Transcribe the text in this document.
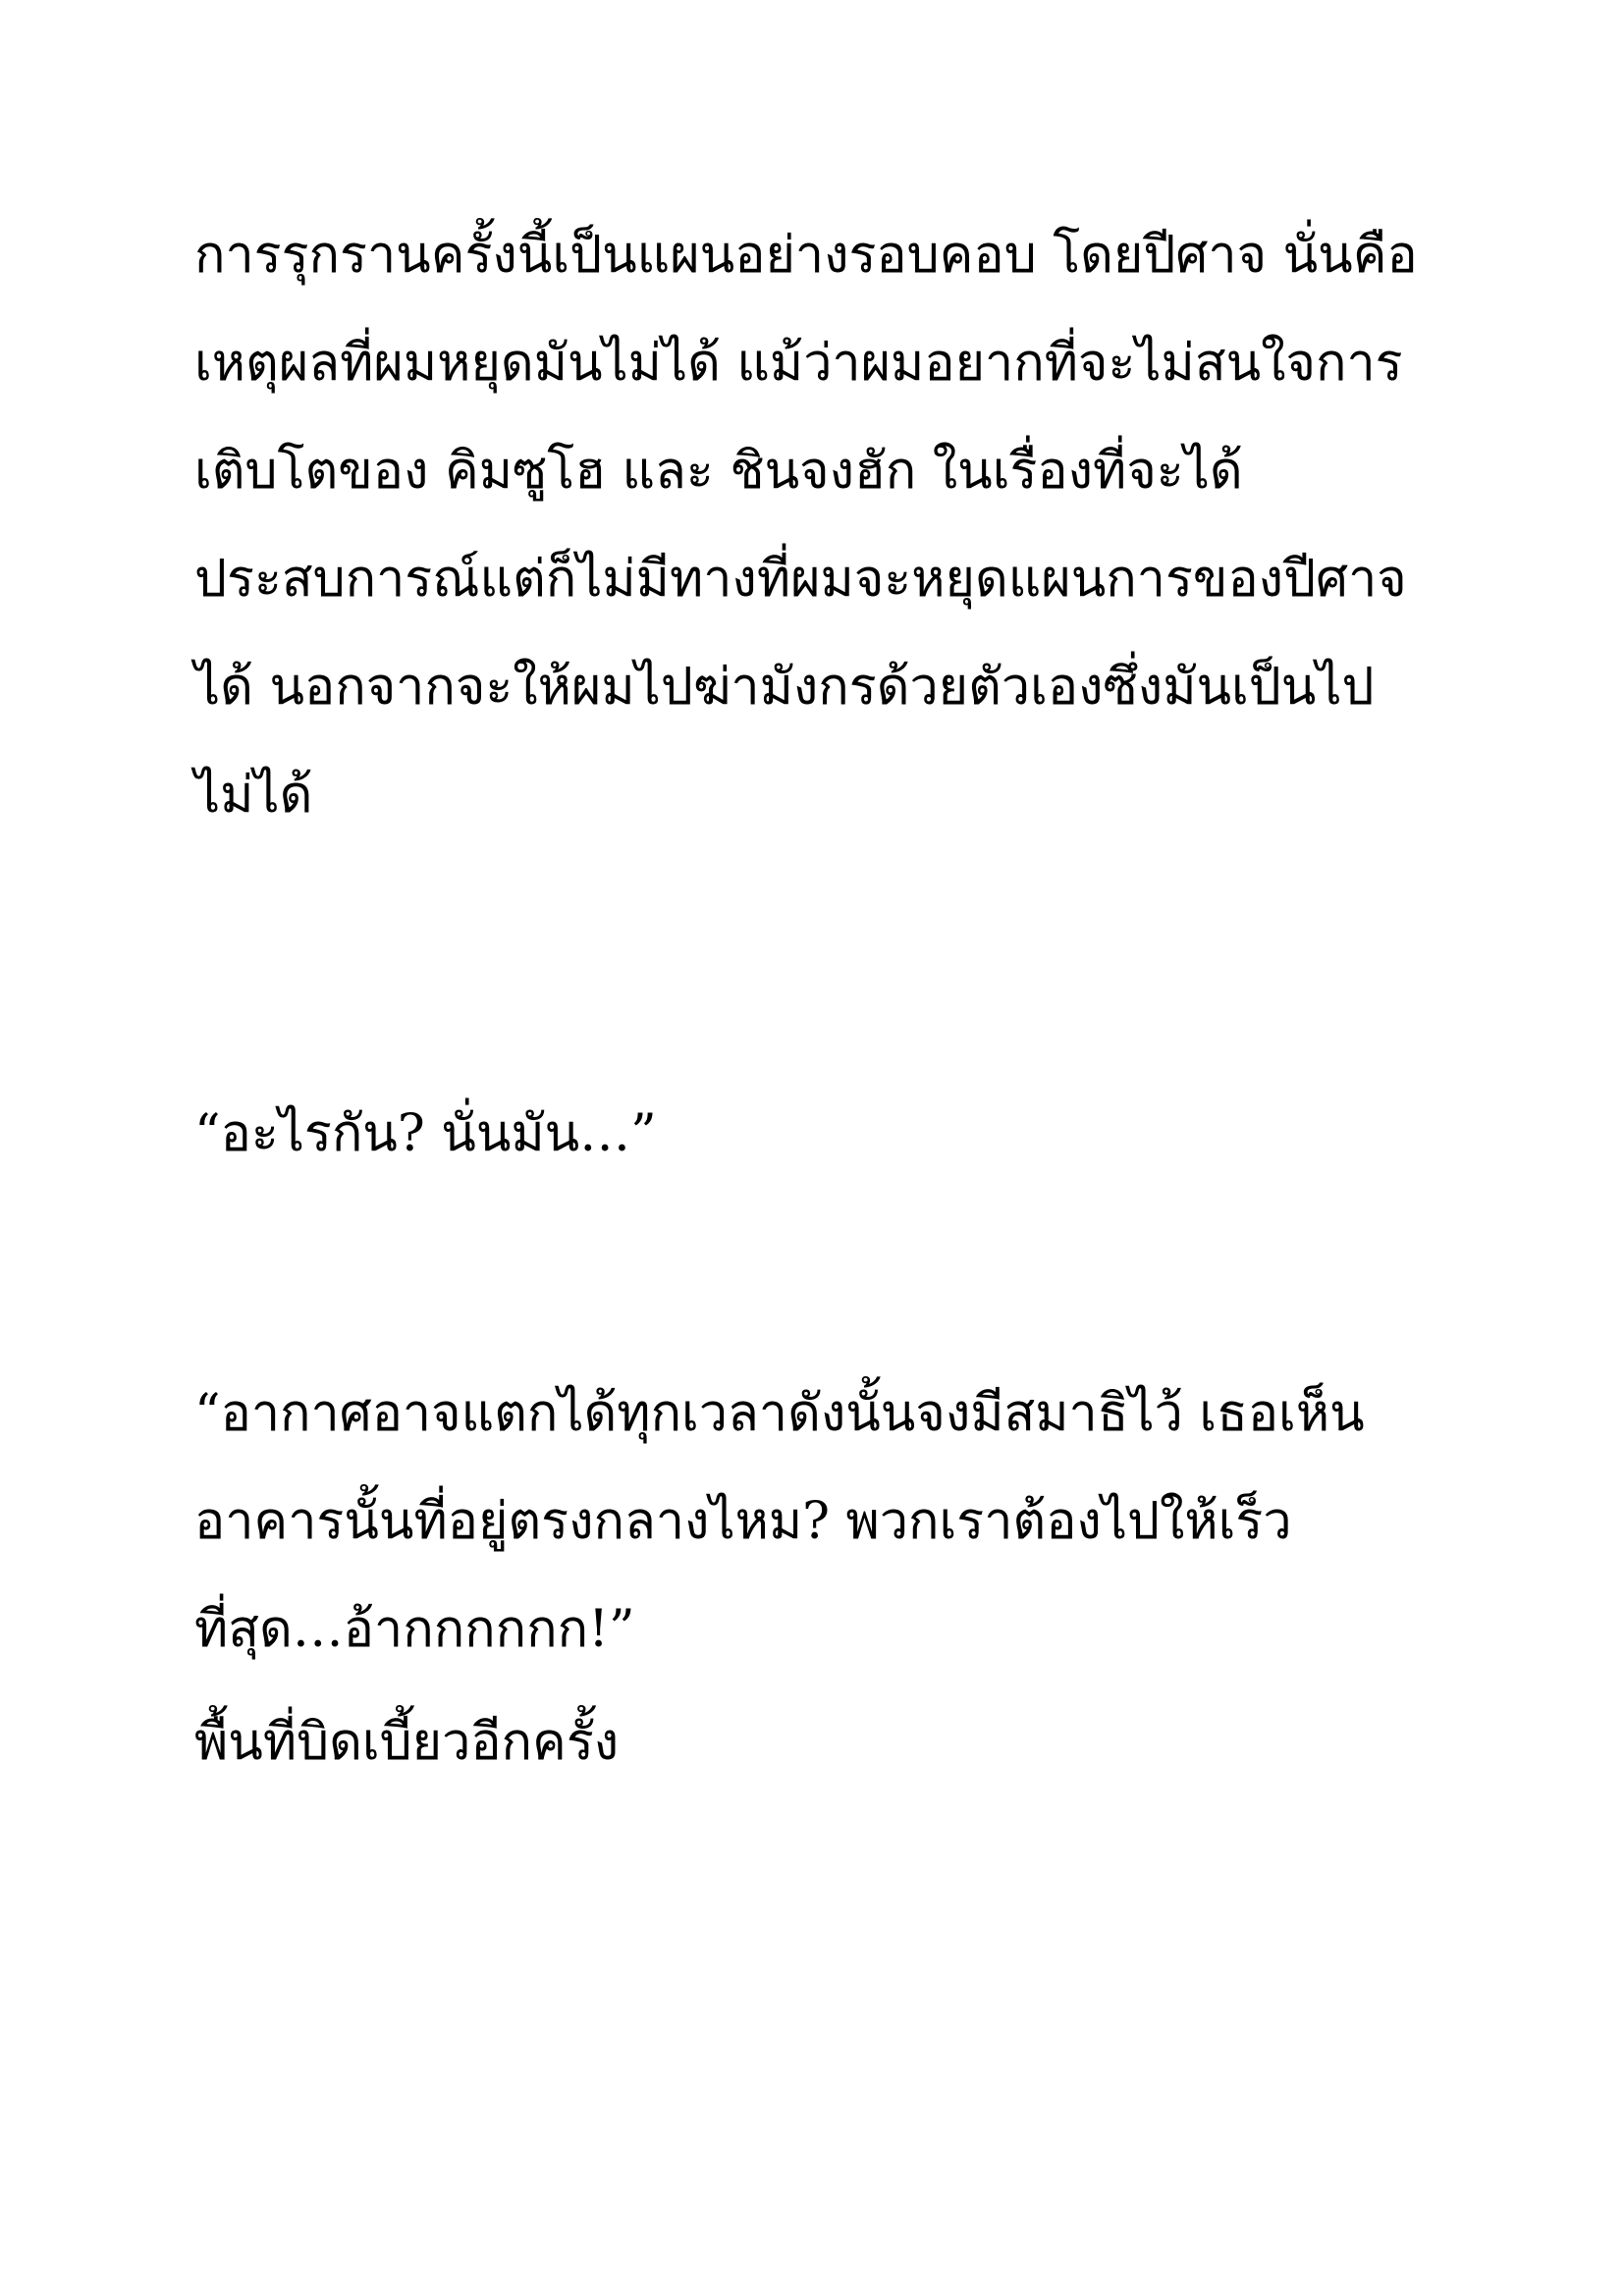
การรุกรานครั้งนี้เป็นแผนอย่างรอบคอบ โดยปีศาจ นั่นคือ
เหตุผลที่ผมหยุดมันไม่ได้ แม้ว่าผมอยากที่จะไม่สนใจการ
เติบโตของ คิมซูโฮ และ ชินจงฮัก ในเรื่องที่จะได้
ประสบการณ์แต่ก็ไม่มีทางที่ผมจะหยุดแผนการของปีศาจ
ได้ นอกจากจะให้ผมไปฆ่ามังกรด้วยตัวเองซึ่งมันเป็นไป
ไม่ได้
“อะไรกัน? นั่นมัน…”
“อากาศอาจแตกได้ทุกเวลาดังนั้นจงมีสมาธิไว้ เธอเห็น
อาคารนั้นที่อยู่ตรงกลางไหม? พวกเราต้องไปให้เร็ว
ที่สุด…อ้ากกกกกก!”
พื้นที่บิดเบี้ยวอีกครั้ง
